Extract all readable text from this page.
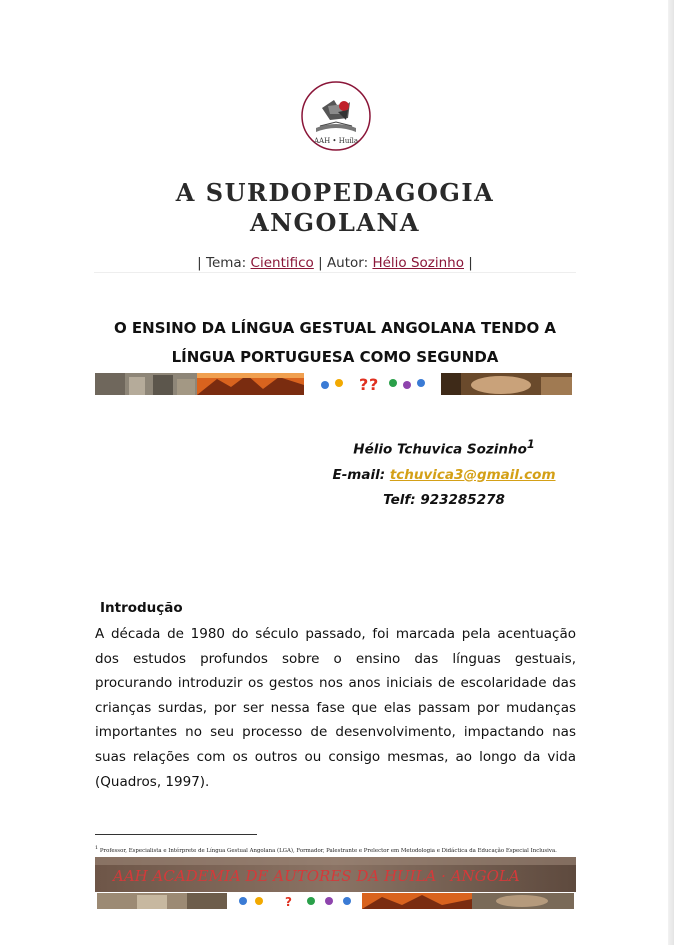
AAH • Huíla
A SURDOPEDAGOGIA ANGOLANA
| Tema: Cientifico | Autor: Hélio Sozinho |
O ENSINO DA LÍNGUA GESTUAL ANGOLANA TENDO A LÍNGUA PORTUGUESA COMO SEGUNDA
? ?
Hélio Tchuvica Sozinho$^1$
E-mail: tchuvica3@gmail.com
Telf: 923285278
Introdução
A década de 1980 do século passado, foi marcada pela acentuação dos estudos profundos sobre o ensino das línguas gestuais, procurando introduzir os gestos nos anos iniciais de escolaridade das crianças surdas, por ser nessa fase que elas passam por mudanças importantes no seu processo de desenvolvimento, impactando nas suas relações com os outros ou consigo mesmas, ao longo da vida (Quadros, 1997).
$^1$ Professor, Especialista e Intérprete de Língua Gestual Angolana (LGA), Formador, Palestrante e Prelector em Metodologia e Didáctica da Educação Especial Inclusiva.
AAH ACADEMIA DE AUTORES DA HUILA · ANGOLA
?
